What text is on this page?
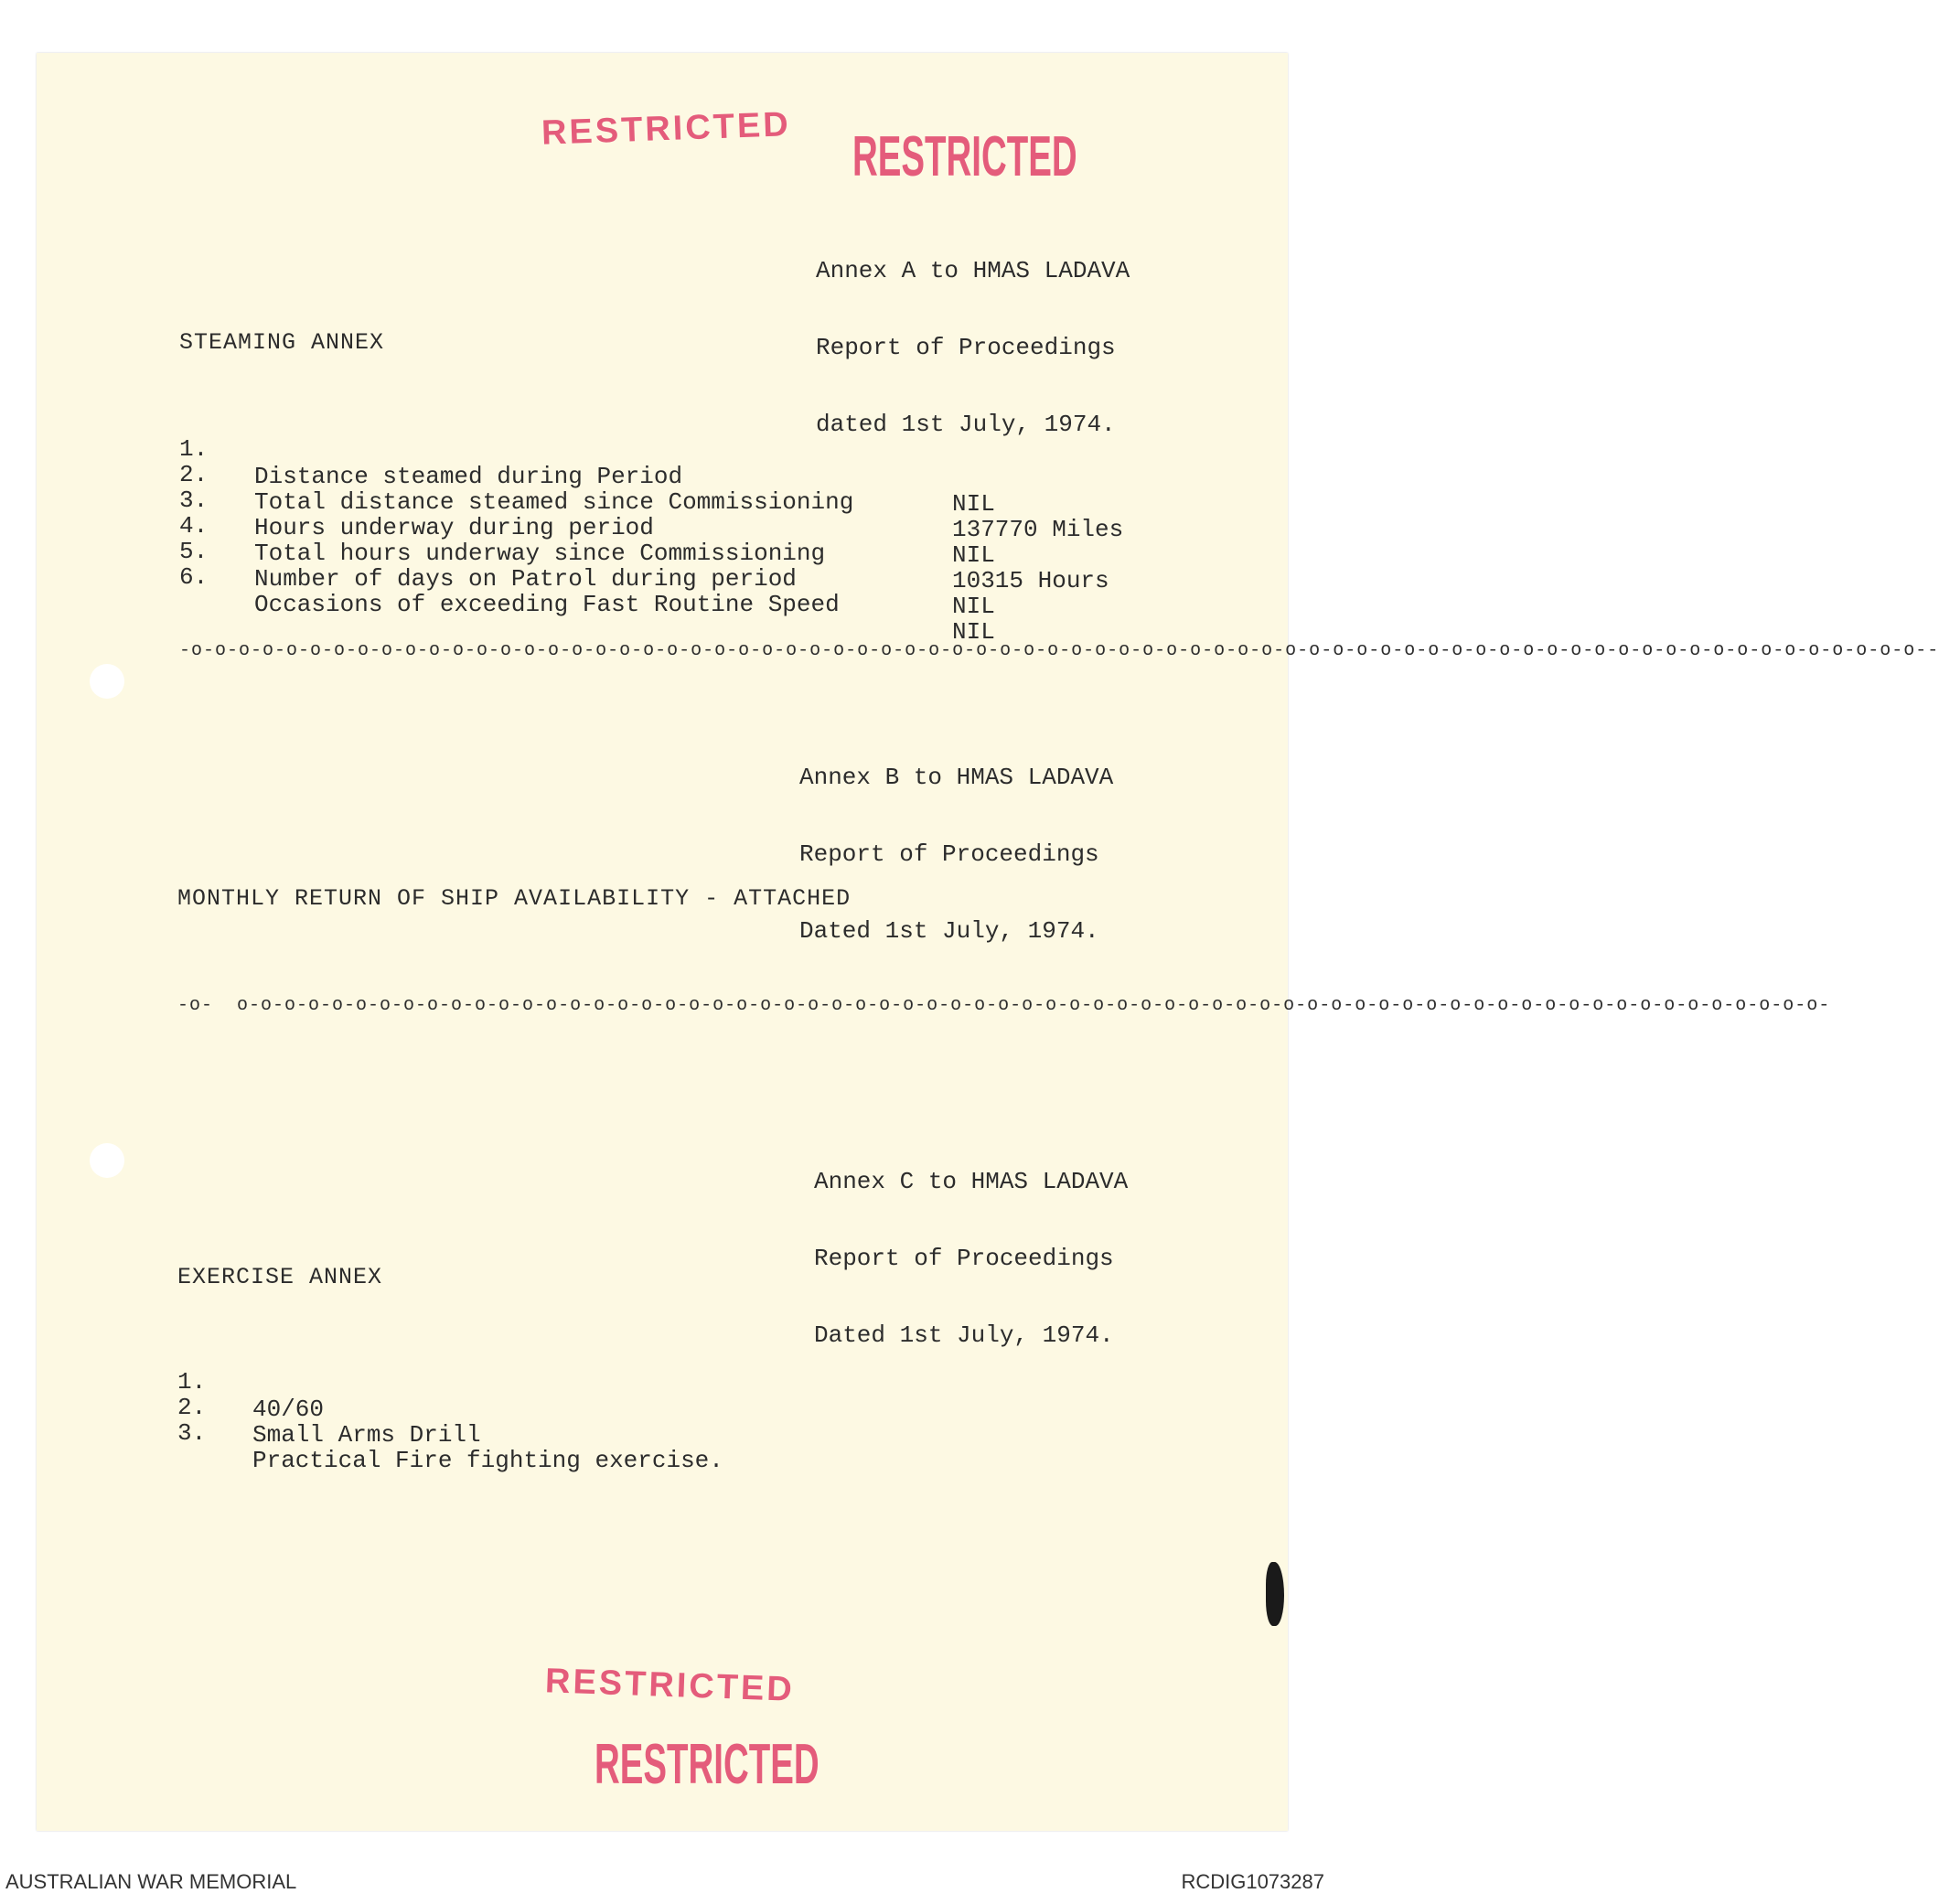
RESTRICTED RESTRICTED

Annex A to HMAS LADAVA

Report of Proceedings

dated 1st July, 1974.

STEAMING ANNEX

1.

Distance steamed during Period

NIL

2.

Total distance steamed since Commissioning

137770 Miles

3.

Hours underway during period

NIL

4.

Total hours underway since Commissioning

10315 Hours

5.

Number of days on Patrol during period

NIL

6.

Occasions of exceeding Fast Routine Speed

NIL

-o-o-o-o-o-o-o-o-o-o-o-o-o-o-o-o-o-o-o-o-o-o-o-o-o-o-o-o-o-o-o-o-o-o-o-o-o-o-o-o-o-o-o-o-o-o-o-o-o-o-o-o-o-o-o-o-o-o-o-o-o-o-o-o-o-o-o-o-o-o-o-o-o--

Annex B to HMAS LADAVA

Report of Proceedings

Dated 1st July, 1974.

MONTHLY RETURN OF SHIP AVAILABILITY - ATTACHED
-o-  o-o-o-o-o-o-o-o-o-o-o-o-o-o-o-o-o-o-o-o-o-o-o-o-o-o-o-o-o-o-o-o-o-o-o-o-o-o-o-o-o-o-o-o-o-o-o-o-o-o-o-o-o-o-o-o-o-o-o-o-o-o-o-o-o-o-o-

Annex C to HMAS LADAVA

Report of Proceedings

Dated 1st July, 1974.

EXERCISE ANNEX

1.

40/60

2.

Small Arms Drill

3.

Practical Fire fighting exercise.

RESTRICTED
RESTRICTED
AUSTRALIAN WAR MEMORIAL	RCDIG1073287
